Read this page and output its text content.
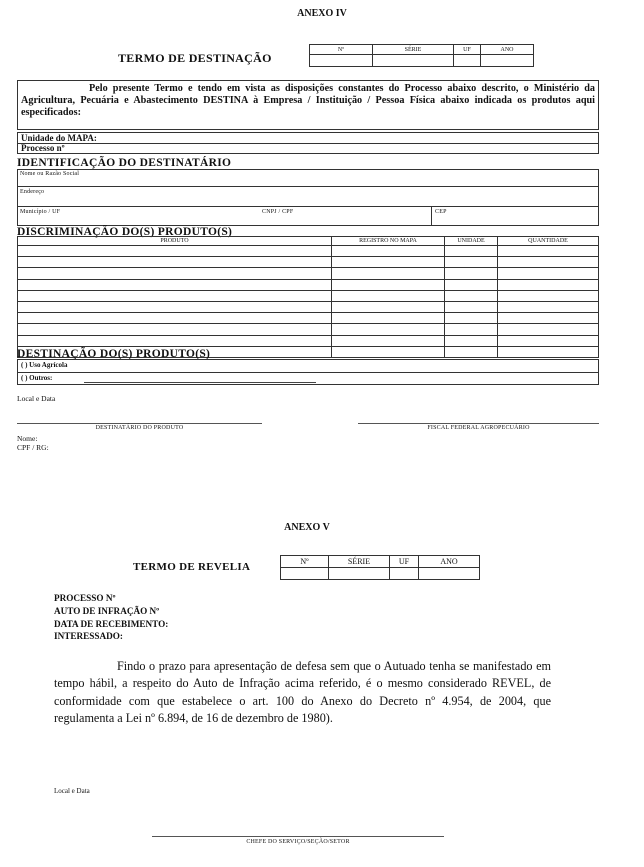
ANEXO IV
TERMO DE DESTINAÇÃO
Nº	SÉRIE	UF	ANO

Pelo presente Termo e tendo em vista as disposições constantes do Processo abaixo descrito, o Ministério da Agricultura, Pecuária e Abastecimento DESTINA à Empresa / Instituição / Pessoa Física abaixo indicada os produtos aqui especificados:
Unidade do MAPA:
Processo nº
IDENTIFICAÇÃO DO DESTINATÁRIO
Nome ou Razão Social
Endereço
Município / UF	CNPJ / CPF	CEP
DISCRIMINAÇÃO DO(S) PRODUTO(S)
PRODUTO	REGISTRO NO MAPA	UNIDADE	QUANTIDADE

DESTINAÇÃO DO(S) PRODUTO(S)
( ) Uso Agrícola
( ) Outros:
Local e Data
DESTINATÁRIO DO PRODUTO	FISCAL FEDERAL AGROPECUÁRIO
Nome:
CPF / RG:
ANEXO V
TERMO DE REVELIA	Nº	SÉRIE	UF	ANO

PROCESSO Nº
AUTO DE INFRAÇÃO Nº
DATA DE RECEBIMENTO:
INTERESSADO:
Findo o prazo para apresentação de defesa sem que o Autuado tenha se manifestado em tempo hábil, a respeito do Auto de Infração acima referido, é o mesmo considerado REVEL, de conformidade com que estabelece o art. 100 do Anexo do Decreto nº 4.954, de 2004, que regulamenta a Lei nº 6.894, de 16 de dezembro de 1980).
Local e Data
CHEFE DO SERVIÇO/SEÇÃO/SETOR
